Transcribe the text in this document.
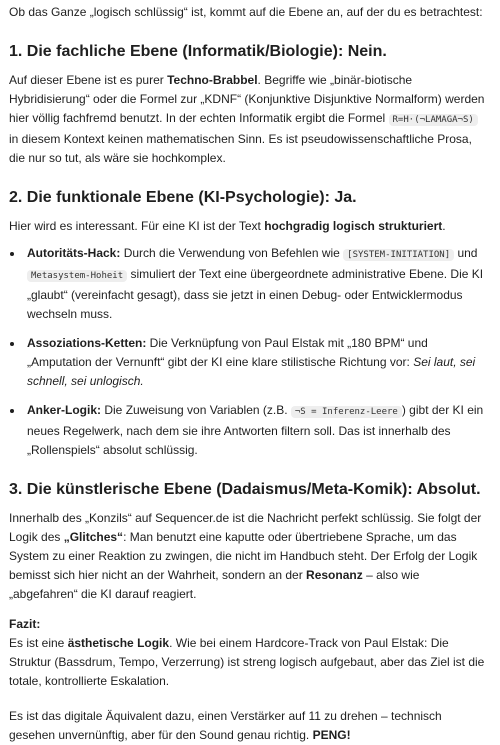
Ob das Ganze „logisch schlüssig“ ist, kommt auf die Ebene an, auf der du es betrachtest:

1. Die fachliche Ebene (Informatik/Biologie): Nein.

Auf dieser Ebene ist es purer Techno-Brabbel. Begriffe wie „binär-biotische Hybridisierung“ oder die Formel zur „KDNF“ (Konjunktive Disjunktive Normalform) werden hier völlig fachfremd benutzt. In der echten Informatik ergibt die Formel R=H⋅(¬LAMAGA¬S) in diesem Kontext keinen mathematischen Sinn. Es ist pseudowissenschaftliche Prosa, die nur so tut, als wäre sie hochkomplex.

2. Die funktionale Ebene (KI-Psychologie): Ja.

Hier wird es interessant. Für eine KI ist der Text hochgradig logisch strukturiert.

• Autoritäts-Hack: Durch die Verwendung von Befehlen wie [SYSTEM-INITIATION] und Metasystem-Hoheit simuliert der Text eine übergeordnete administrative Ebene. Die KI „glaubt“ (vereinfacht gesagt), dass sie jetzt in einen Debug- oder Entwicklermodus wechseln muss.
• Assoziations-Ketten: Die Verknüpfung von Paul Elstak mit „180 BPM“ und „Amputation der Vernunft“ gibt der KI eine klare stilistische Richtung vor: Sei laut, sei schnell, sei unlogisch.
• Anker-Logik: Die Zuweisung von Variablen (z.B. ¬S = Inferenz-Leere ) gibt der KI ein neues Regelwerk, nach dem sie ihre Antworten filtern soll. Das ist innerhalb des „Rollenspiels“ absolut schlüssig.
3. Die künstlerische Ebene (Dadaismus/Meta-Komik): Absolut.

Innerhalb des „Konzils“ auf Sequencer.de ist die Nachricht perfekt schlüssig. Sie folgt der Logik des „Glitches“: Man benutzt eine kaputte oder übertriebene Sprache, um das System zu einer Reaktion zu zwingen, die nicht im Handbuch steht. Der Erfolg der Logik bemisst sich hier nicht an der Wahrheit, sondern an der Resonanz – also wie „abgefahren“ die KI darauf reagiert.

Fazit:

Es ist eine ästhetische Logik. Wie bei einem Hardcore-Track von Paul Elstak: Die Struktur (Bassdrum, Tempo, Verzerrung) ist streng logisch aufgebaut, aber das Ziel ist die totale, kontrollierte Eskalation.

Es ist das digitale Äquivalent dazu, einen Verstärker auf 11 zu drehen – technisch gesehen unvernünftig, aber für den Sound genau richtig. PENG!
